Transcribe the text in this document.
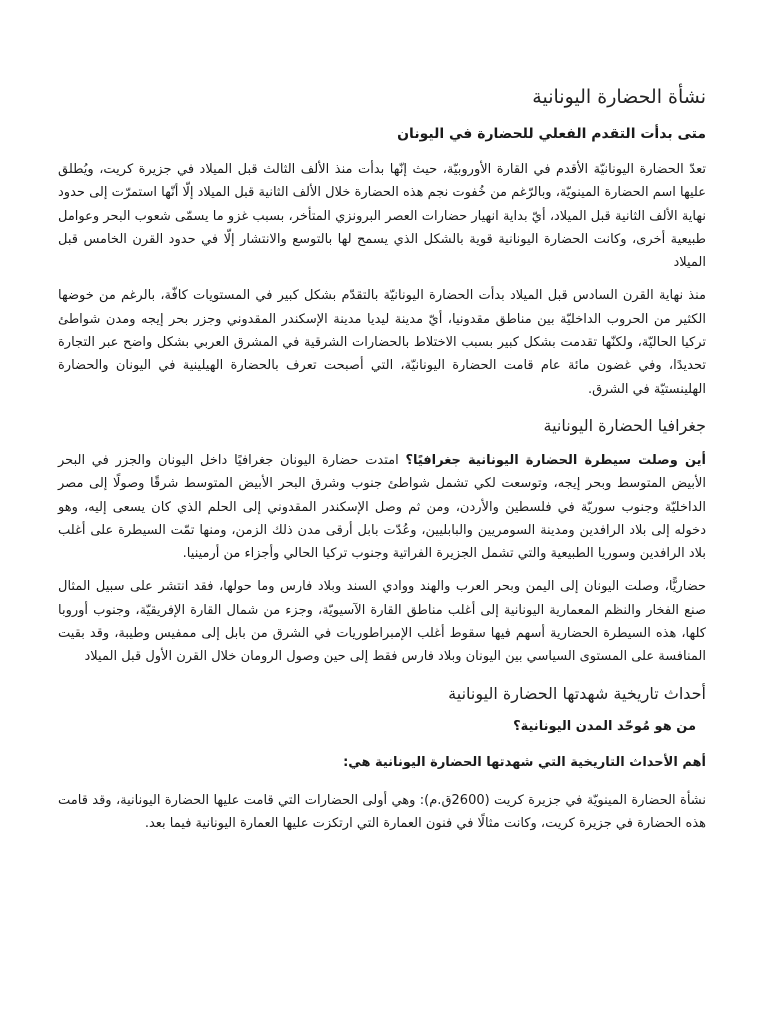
نشأة الحضارة اليونانية
متى بدأت التقدم الفعلي للحضارة في اليونان

تعدّ الحضارة اليونانيّة الأقدم في القارة الأوروبيّة، حيث إنّها بدأت منذ الألف الثالث قبل الميلاد في جزيرة كريت، ويُطلق عليها اسم الحضارة المينويّة، وبالرّغم من خُفوت نجم هذه الحضارة خلال الألف الثانية قبل الميلاد إلّا أنّها استمرّت إلى حدود نهاية الألف الثانية قبل الميلاد، أيّ بداية انهيار حضارات العصر البرونزي المتأخر، بسبب غزو ما يسمّى شعوب البحر وعوامل طبيعية أخرى، وكانت الحضارة اليونانية قوية بالشكل الذي يسمح لها بالتوسع والانتشار إلّا في حدود القرن الخامس قبل الميلاد

منذ نهاية القرن السادس قبل الميلاد بدأت الحضارة اليونانيّة بالتقدّم بشكل كبير في المستويات كافّة، بالرغم من خوضها الكثير من الحروب الداخليّة بين مناطق مقدونيا، أيّ مدينة ليديا مدينة الإسكندر المقدوني وجزر بحر إيجه ومدن شواطئ تركيا الحاليّة، ولكنّها تقدمت بشكل كبير بسبب الاختلاط بالحضارات الشرقية في المشرق العربي بشكل واضح عبر التجارة تحديدًا، وفي غضون مائة عام قامت الحضارة اليونانيّة، التي أصبحت تعرف بالحضارة الهيلينية في اليونان والحضارة الهلينستيّة في الشرق.

جغرافيا الحضارة اليونانية

أين وصلت سيطرة الحضارة اليونانية جغرافيًا؟ امتدت حضارة اليونان جغرافيًا داخل اليونان والجزر في البحر الأبيض المتوسط وبحر إيجه، وتوسعت لكي تشمل شواطئ جنوب وشرق البحر الأبيض المتوسط شرقًا وصولًا إلى مصر الداخليّة وجنوب سوريّة في فلسطين والأردن، ومن ثم وصل الإسكندر المقدوني إلى الحلم الذي كان يسعى إليه، وهو دخوله إلى بلاد الرافدين ومدينة السومريين والبابليين، وعُدّت بابل أرقى مدن ذلك الزمن، ومنها تمّت السيطرة على أغلب بلاد الرافدين وسوريا الطبيعية والتي تشمل الجزيرة الفراتية وجنوب تركيا الحالي وأجزاء من أرمينيا.

حضاريًّا، وصلت اليونان إلى اليمن وبحر العرب والهند ووادي السند وبلاد فارس وما حولها، فقد انتشر على سبيل المثال صنع الفخار والنظم المعمارية اليونانية إلى أغلب مناطق القارة الآسيويّة، وجزء من شمال القارة الإفريقيّة، وجنوب أوروبا كلها، هذه السيطرة الحضارية أسهم فيها سقوط أغلب الإمبراطوريات في الشرق من بابل إلى ممفيس وطيبة، وقد بقيت المنافسة على المستوى السياسي بين اليونان وبلاد فارس فقط إلى حين وصول الرومان خلال القرن الأول قبل الميلاد

أحداث تاريخية شهدتها الحضارة اليونانية
من هو مُوحّد المدن اليونانية؟
أهم الأحداث التاريخية التي شهدتها الحضارة اليونانية هي:

نشأة الحضارة المينويّة في جزيرة كريت (2600ق.م): وهي أولى الحضارات التي قامت عليها الحضارة اليونانية، وقد قامت هذه الحضارة في جزيرة كريت، وكانت مثالًا في فنون العمارة التي ارتكزت عليها العمارة اليونانية فيما بعد.
